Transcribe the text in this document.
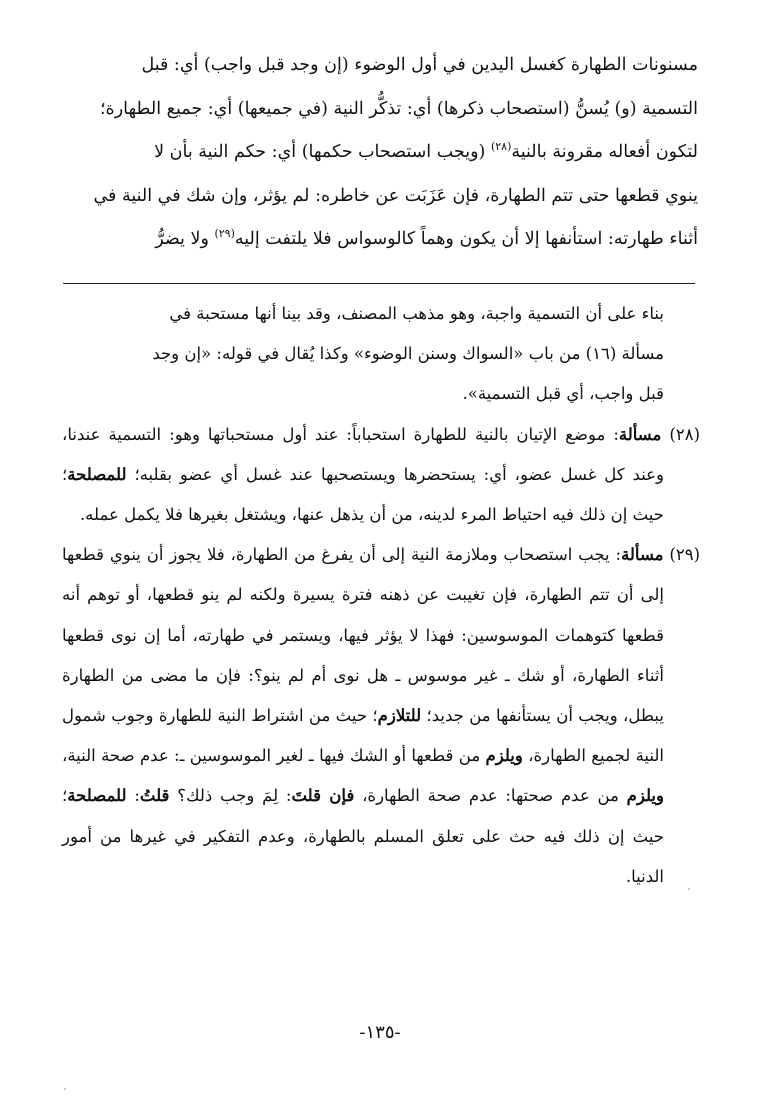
مسنونات الطهارة كغسل اليدين في أول الوضوء (إن وجد قبل واجب) أي: قبل

التسمية (و) يُسنُّ (استصحاب ذكرها) أي: تذكُّر النية (في جميعها) أي: جميع الطهارة؛

لتكون أفعاله مقرونة بالنية$^{(٢٨)}$ (ويجب استصحاب حكمها) أي: حكم النية بأن لا

ينوي قطعها حتى تتم الطهارة، فإن عَزَبَت عن خاطره: لم يؤثر، وإن شك في النية في

أثناء طهارته: استأنفها إلا أن يكون وهماً كالوسواس فلا يلتفت إليه$^{(٢٩)}$ ولا يضرُّ

بناء على أن التسمية واجبة، وهو مذهب المصنف، وقد بينا أنها مستحبة في

مسألة (١٦) من باب «السواك وسنن الوضوء» وكذا يُقال في قوله: «إن وجد

قبل واجب، أي قبل التسمية».

(٢٨) مسألة: موضع الإتيان بالنية للطهارة استحباباً: عند أول مستحباتها وهو: التسمية عندنا، وعند كل غسل عضو، أي: يستحضرها ويستصحبها عند غسل أي عضو بقلبه؛ للمصلحة؛ حيث إن ذلك فيه احتياط المرء لدينه، من أن يذهل عنها، ويشتغل بغيرها فلا يكمل عمله.

(٢٩) مسألة: يجب استصحاب وملازمة النية إلى أن يفرغ من الطهارة، فلا يجوز أن ينوي قطعها إلى أن تتم الطهارة، فإن تغيبت عن ذهنه فترة يسيرة ولكنه لم ينو قطعها، أو توهم أنه قطعها كتوهمات الموسوسين: فهذا لا يؤثر فيها، ويستمر في طهارته، أما إن نوى قطعها أثناء الطهارة، أو شك ـ غير موسوس ـ هل نوى أم لم ينو؟: فإن ما مضى من الطهارة يبطل، ويجب أن يستأنفها من جديد؛ للتلازم؛ حيث من اشتراط النية للطهارة وجوب شمول النية لجميع الطهارة، ويلزم من قطعها أو الشك فيها ـ لغير الموسوسين ـ: عدم صحة النية، ويلزم من عدم صحتها: عدم صحة الطهارة، فإن قلتَ: لِمَ وجب ذلك؟ قلتُ: للمصلحة؛ حيث إن ذلك فيه حث على تعلق المسلم بالطهارة، وعدم التفكير في غيرها من أمور الدنيا.

-١٣٥-
